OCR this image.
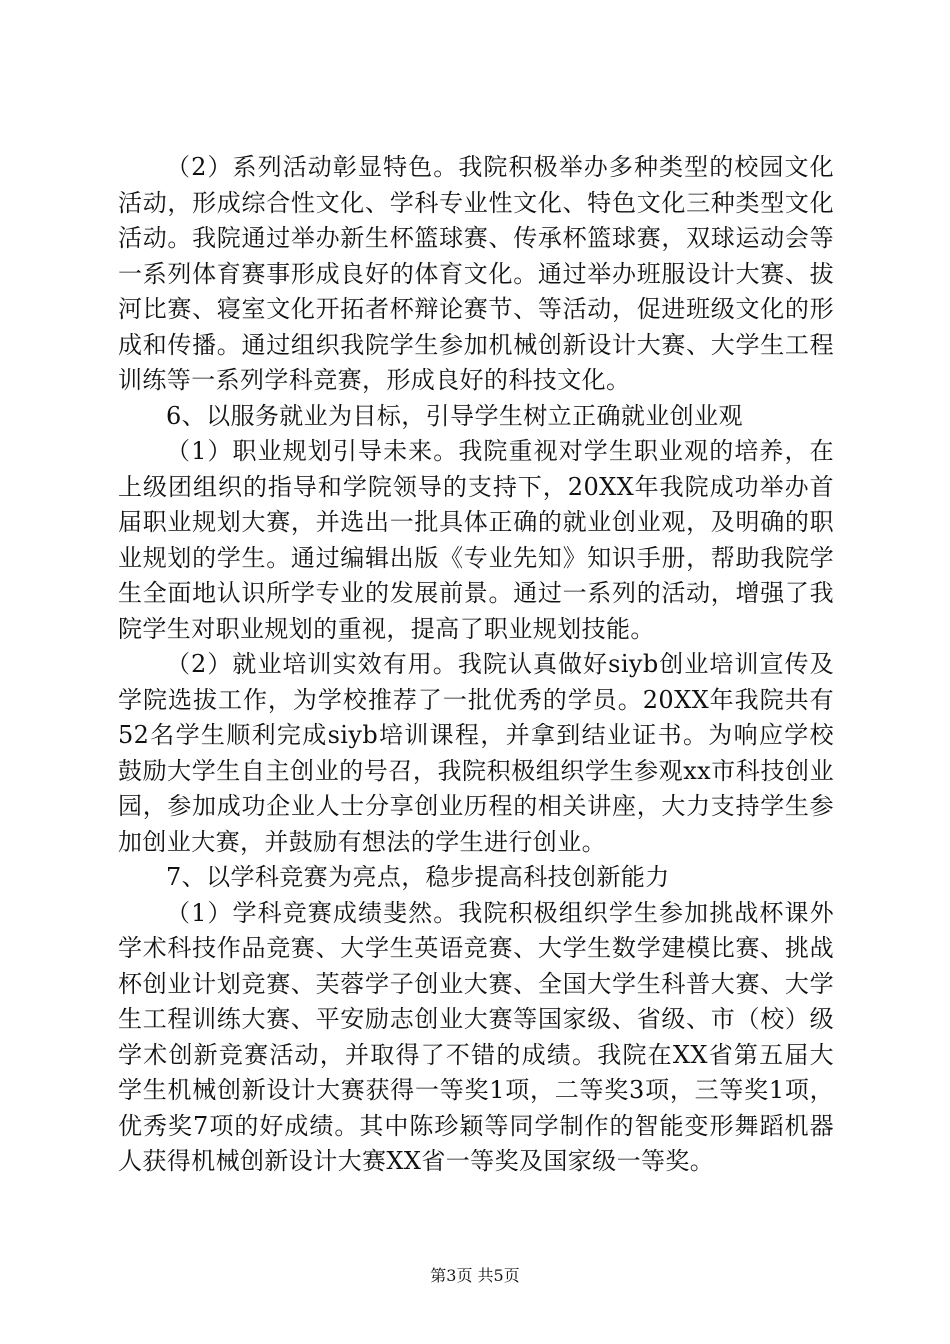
（2）系列活动彰显特色。我院积极举办多种类型的校园文化活动，形成综合性文化、学科专业性文化、特色文化三种类型文化活动。我院通过举办新生杯篮球赛、传承杯篮球赛，双球运动会等一系列体育赛事形成良好的体育文化。通过举办班服设计大赛、拔河比赛、寝室文化开拓者杯辩论赛节、等活动，促进班级文化的形成和传播。通过组织我院学生参加机械创新设计大赛、大学生工程训练等一系列学科竞赛，形成良好的科技文化。

6、以服务就业为目标，引导学生树立正确就业创业观

（1）职业规划引导未来。我院重视对学生职业观的培养，在上级团组织的指导和学院领导的支持下，20XX年我院成功举办首届职业规划大赛，并选出一批具体正确的就业创业观，及明确的职业规划的学生。通过编辑出版《专业先知》知识手册，帮助我院学生全面地认识所学专业的发展前景。通过一系列的活动，增强了我院学生对职业规划的重视，提高了职业规划技能。

（2）就业培训实效有用。我院认真做好siyb创业培训宣传及学院选拔工作，为学校推荐了一批优秀的学员。20XX年我院共有52名学生顺利完成siyb培训课程，并拿到结业证书。为响应学校鼓励大学生自主创业的号召，我院积极组织学生参观xx市科技创业园，参加成功企业人士分享创业历程的相关讲座，大力支持学生参加创业大赛，并鼓励有想法的学生进行创业。

7、以学科竞赛为亮点，稳步提高科技创新能力

（1）学科竞赛成绩斐然。我院积极组织学生参加挑战杯课外学术科技作品竞赛、大学生英语竞赛、大学生数学建模比赛、挑战杯创业计划竞赛、芙蓉学子创业大赛、全国大学生科普大赛、大学生工程训练大赛、平安励志创业大赛等国家级、省级、市（校）级学术创新竞赛活动，并取得了不错的成绩。我院在XX省第五届大学生机械创新设计大赛获得一等奖1项，二等奖3项，三等奖1项，优秀奖7项的好成绩。其中陈珍颖等同学制作的智能变形舞蹈机器人获得机械创新设计大赛XX省一等奖及国家级一等奖。

第3页 共5页
